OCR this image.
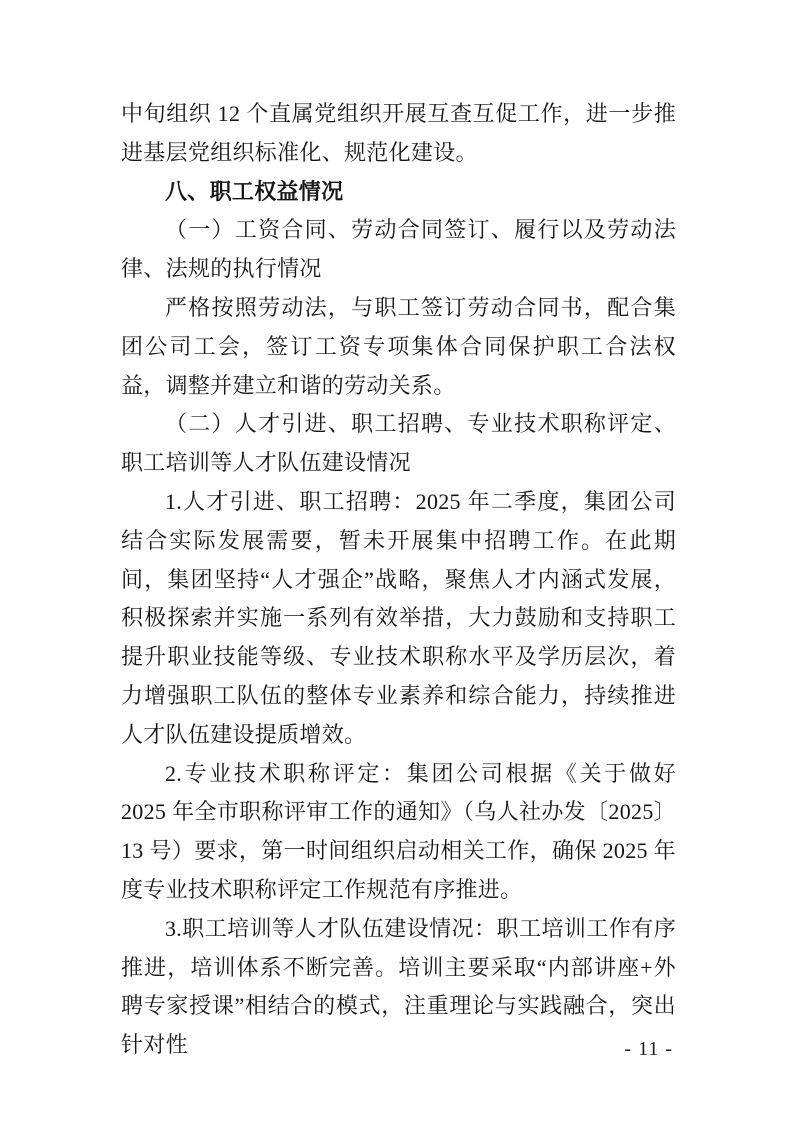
中旬组织 12 个直属党组织开展互查互促工作，进一步推进基层党组织标准化、规范化建设。

八、职工权益情况

（一）工资合同、劳动合同签订、履行以及劳动法律、法规的执行情况

严格按照劳动法，与职工签订劳动合同书，配合集团公司工会，签订工资专项集体合同保护职工合法权益，调整并建立和谐的劳动关系。

（二）人才引进、职工招聘、专业技术职称评定、职工培训等人才队伍建设情况

1.人才引进、职工招聘：2025 年二季度，集团公司结合实际发展需要，暂未开展集中招聘工作。在此期间，集团坚持“人才强企”战略，聚焦人才内涵式发展，积极探索并实施一系列有效举措，大力鼓励和支持职工提升职业技能等级、专业技术职称水平及学历层次，着力增强职工队伍的整体专业素养和综合能力，持续推进人才队伍建设提质增效。

2.专业技术职称评定：集团公司根据《关于做好 2025 年全市职称评审工作的通知》（乌人社办发〔2025〕13 号）要求，第一时间组织启动相关工作，确保 2025 年度专业技术职称评定工作规范有序推进。

3.职工培训等人才队伍建设情况：职工培训工作有序推进，培训体系不断完善。培训主要采取“内部讲座+外聘专家授课”相结合的模式，注重理论与实践融合，突出针对性	- 11 -
